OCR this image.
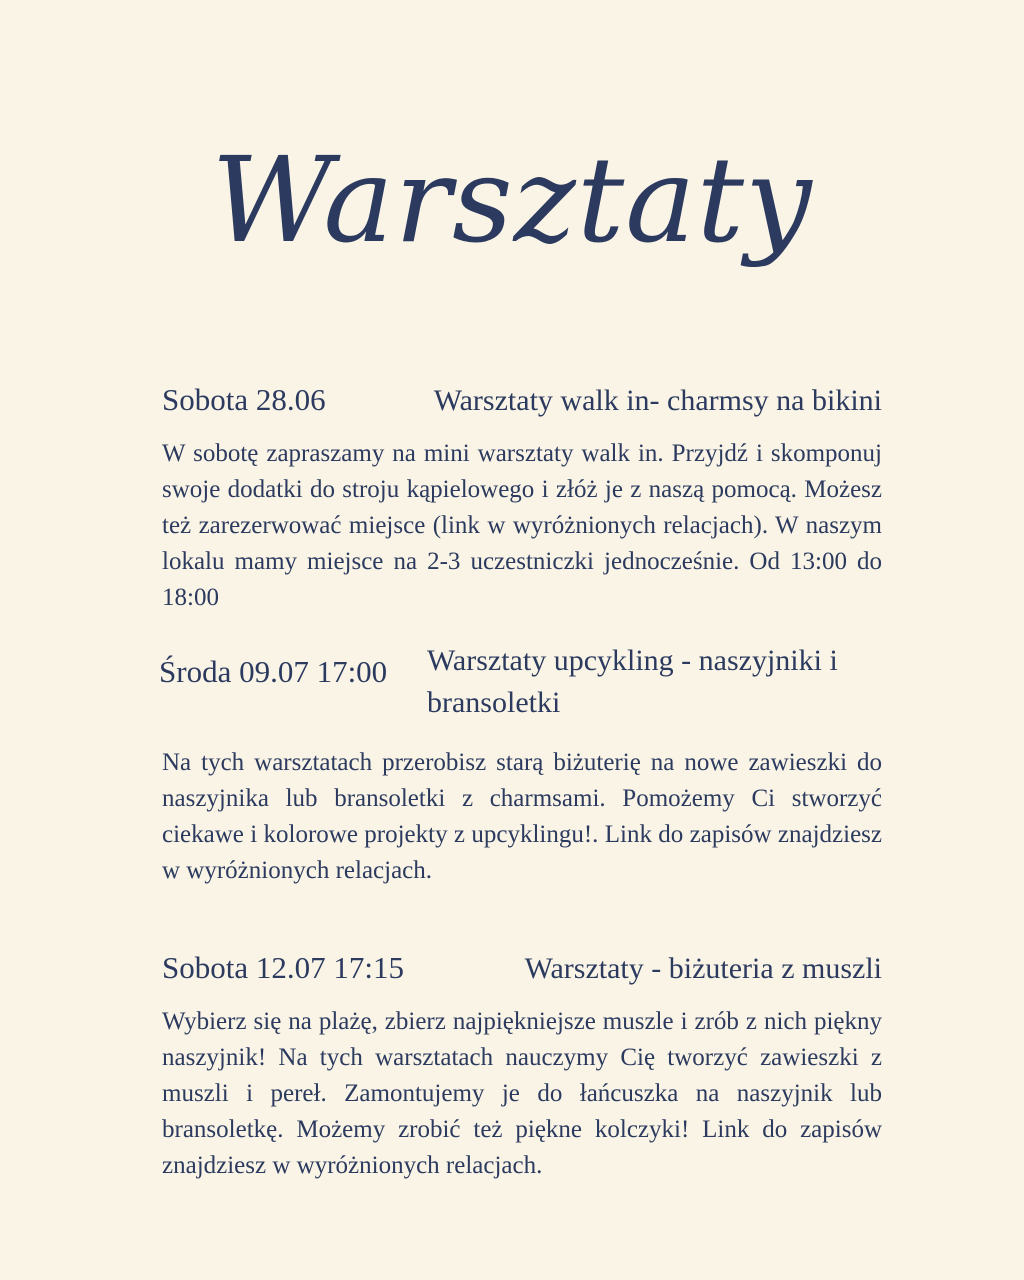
Warsztaty
Sobota 28.06	Warsztaty walk in- charmsy na bikini
W sobotę zapraszamy na mini warsztaty walk in. Przyjdź i skomponuj swoje dodatki do stroju kąpielowego i złóż je z naszą pomocą. Możesz też zarezerwować miejsce (link w wyróżnionych relacjach). W naszym lokalu mamy miejsce na 2-3 uczestniczki jednocześnie. Od 13:00 do 18:00
Środa 09.07 17:00 Warsztaty upcykling - naszyjniki i bransoletki
Na tych warsztatach przerobisz starą biżuterię na nowe zawieszki do naszyjnika lub bransoletki z charmsami. Pomożemy Ci stworzyć ciekawe i kolorowe projekty z upcyklingu!. Link do zapisów znajdziesz w wyróżnionych relacjach.
Sobota 12.07 17:15	Warsztaty - biżuteria z muszli
Wybierz się na plażę, zbierz najpiękniejsze muszle i zrób z nich piękny naszyjnik! Na tych warsztatach nauczymy Cię tworzyć zawieszki z muszli i pereł. Zamontujemy je do łańcuszka na naszyjnik lub bransoletkę. Możemy zrobić też piękne kolczyki! Link do zapisów znajdziesz w wyróżnionych relacjach.
